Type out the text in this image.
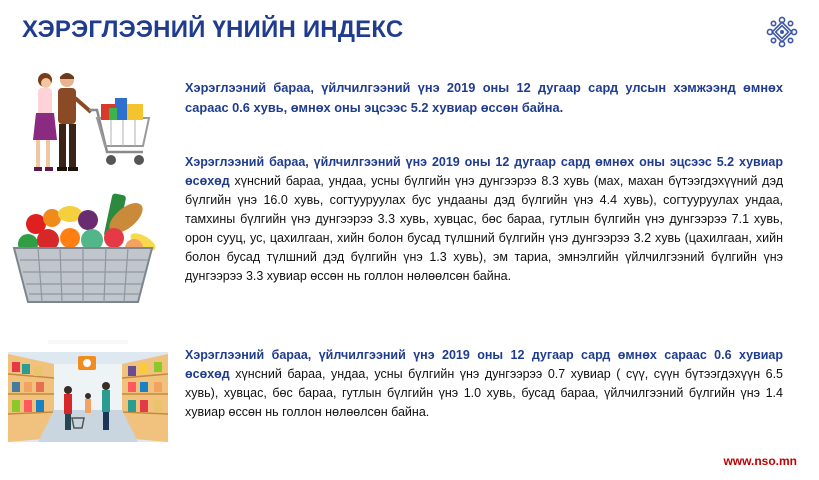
ХЭРЭГЛЭЭНИЙ ҮНИЙН ИНДЕКС

Хэрэглээний бараа, үйлчилгээний үнэ 2019 оны 12 дугаар сард улсын хэмжээнд өмнөх сараас 0.6 хувь, өмнөх оны эцсээс 5.2 хувиар өссөн байна.

Хэрэглээний бараа, үйлчилгээний үнэ 2019 оны 12 дугаар сард өмнөх оны эцсээс 5.2 хувиар өсөхөд хүнсний бараа, ундаа, усны бүлгийн үнэ дунгээрээ 8.3 хувь (мах, махан бүтээгдэхүүний дэд бүлгийн үнэ 16.0 хувь, согтууруулах бус ундааны дэд бүлгийн үнэ 4.4 хувь), согтууруулах ундаа, тамхины бүлгийн үнэ дунгээрээ 3.3 хувь, хувцас, бөс бараа, гутлын бүлгийн үнэ дунгээрээ 7.1 хувь, орон сууц, ус, цахилгаан, хийн болон бусад түлшний бүлгийн үнэ дунгээрээ 3.2 хувь (цахилгаан, хийн болон бусад түлшний дэд бүлгийн үнэ 1.3 хувь), эм тариа, эмнэлгийн үйлчилгээний бүлгийн үнэ дунгээрээ 3.3 хувиар өссөн нь голлон нөлөөлсөн байна.

Хэрэглээний бараа, үйлчилгээний үнэ 2019 оны 12 дугаар сард өмнөх сараас 0.6 хувиар өсөхөд хүнсний бараа, ундаа, усны бүлгийн үнэ дунгээрээ 0.7 хувиар ( сүү, сүүн бүтээгдэхүүн 6.5 хувь), хувцас, бөс бараа, гутлын бүлгийн үнэ 1.0 хувь, бусад бараа, үйлчилгээний бүлгийн үнэ 1.4 хувиар өссөн нь голлон нөлөөлсөн байна.

www.nso.mn
